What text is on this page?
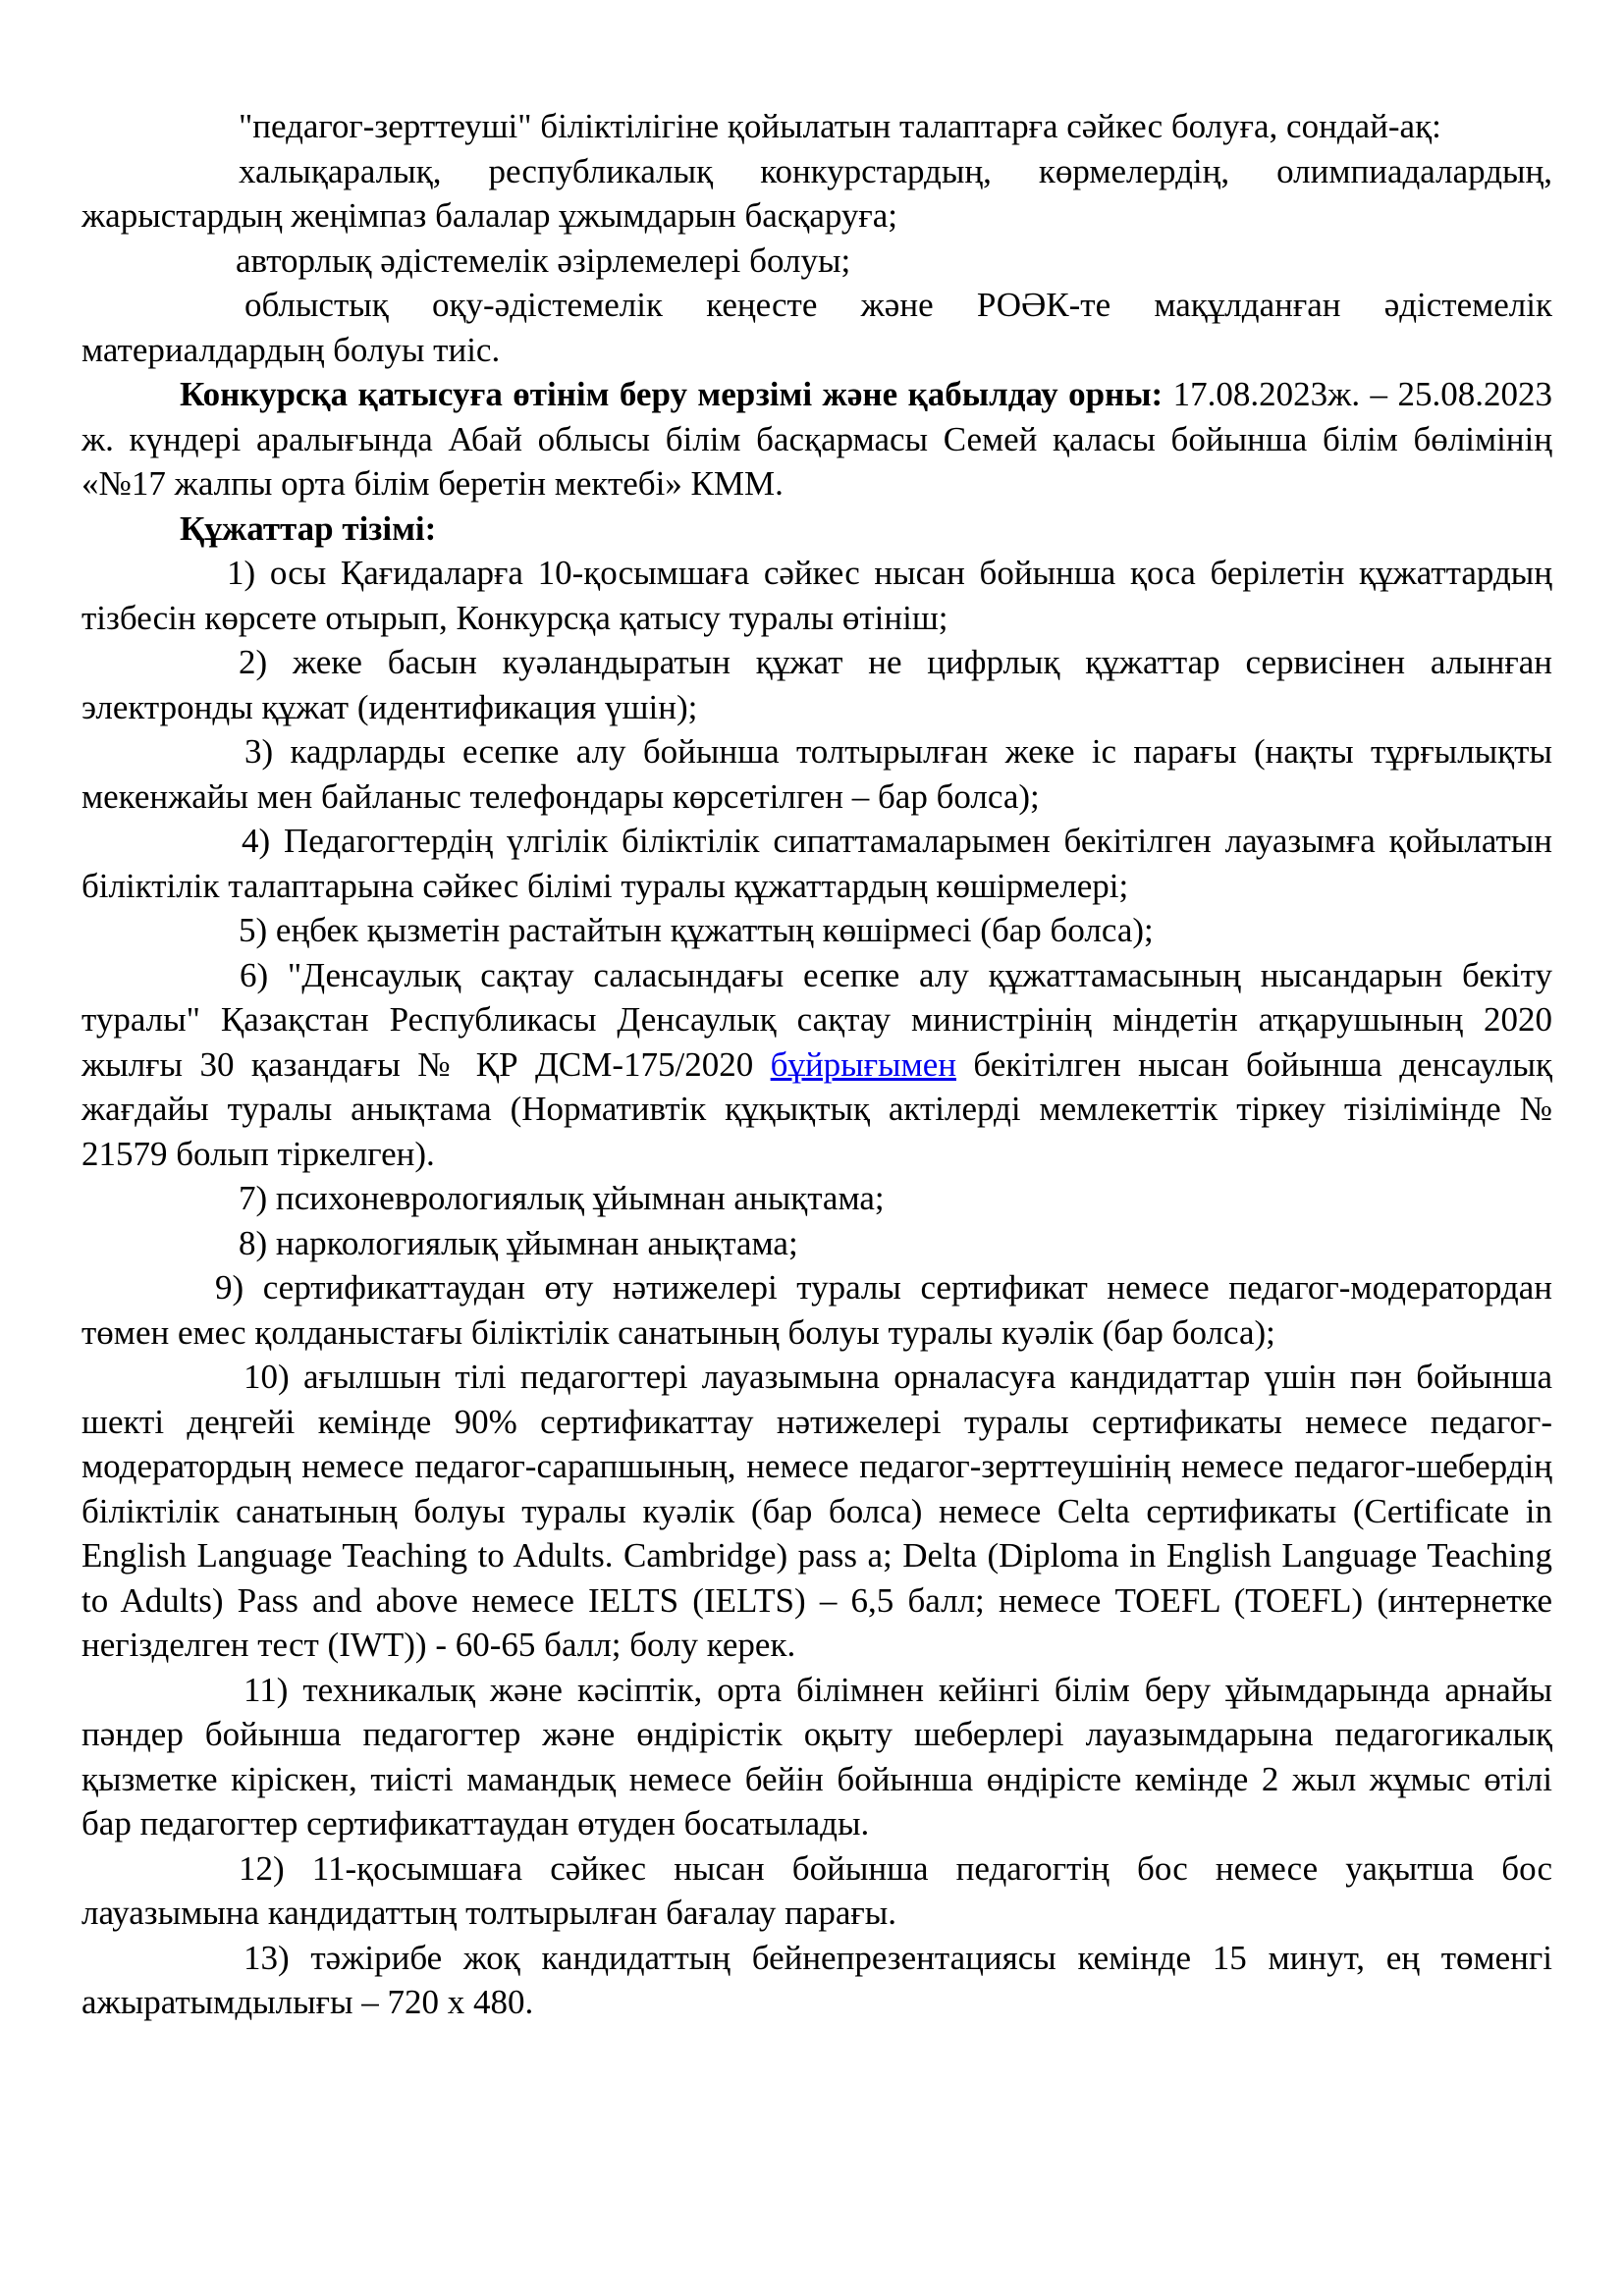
"педагог-зерттеуші" біліктілігіне қойылатын талаптарға сәйкес болуға, сондай-ақ:

халықаралық, республикалық конкурстардың, көрмелердің, олимпиадалардың, жарыстардың жеңімпаз балалар ұжымдарын басқаруға;

авторлық әдістемелік әзірлемелері болуы;

облыстық оқу-әдістемелік кеңесте және РОӘК-те мақұлданған әдістемелік материалдардың болуы тиіс.

Конкурсқа қатысуға өтінім беру мерзімі және қабылдау орны: 17.08.2023ж. – 25.08.2023 ж. күндері аралығында Абай облысы білім басқармасы Семей қаласы бойынша білім бөлімінің «№17 жалпы орта білім беретін мектебі» КММ.

Құжаттар тізімі:

1) осы Қағидаларға 10-қосымшаға сәйкес нысан бойынша қоса берілетін құжаттардың тізбесін көрсете отырып, Конкурсқа қатысу туралы өтініш;

2) жеке басын куәландыратын құжат не цифрлық құжаттар сервисінен алынған электронды құжат (идентификация үшін);

3) кадрларды есепке алу бойынша толтырылған жеке іс парағы (нақты тұрғылықты мекенжайы мен байланыс телефондары көрсетілген – бар болса);

4) Педагогтердің үлгілік біліктілік сипаттамаларымен бекітілген лауазымға қойылатын біліктілік талаптарына сәйкес білімі туралы құжаттардың көшірмелері;

5) еңбек қызметін растайтын құжаттың көшірмесі (бар болса);

6) "Денсаулық сақтау саласындағы есепке алу құжаттамасының нысандарын бекіту туралы" Қазақстан Республикасы Денсаулық сақтау министрінің міндетін атқарушының 2020 жылғы 30 қазандағы № ҚР ДСМ-175/2020 бұйрығымен бекітілген нысан бойынша денсаулық жағдайы туралы анықтама (Нормативтік құқықтық актілерді мемлекеттік тіркеу тізілімінде № 21579 болып тіркелген).

7) психоневрологиялық ұйымнан анықтама;

8) наркологиялық ұйымнан анықтама;

9) сертификаттаудан өту нәтижелері туралы сертификат немесе педагог-модератордан төмен емес қолданыстағы біліктілік санатының болуы туралы куәлік (бар болса);

10) ағылшын тілі педагогтері лауазымына орналасуға кандидаттар үшін пән бойынша шекті деңгейі кемінде 90% сертификаттау нәтижелері туралы сертификаты немесе педагог-модератордың немесе педагог-сарапшының, немесе педагог-зерттеушінің немесе педагог-шебердің біліктілік санатының болуы туралы куәлік (бар болса) немесе Celta сертификаты (Certificate in English Language Teaching to Adults. Cambridge) pass a; Delta (Diploma in English Language Teaching to Adults) Pass and above немесе IELTS (IELTS) – 6,5 балл; немесе TOEFL (TOEFL) (интернетке негізделген тест (IWT)) - 60-65 балл; болу керек.

11) техникалық және кәсіптік, орта білімнен кейінгі білім беру ұйымдарында арнайы пәндер бойынша педагогтер және өндірістік оқыту шеберлері лауазымдарына педагогикалық қызметке кіріскен, тиісті мамандық немесе бейін бойынша өндірісте кемінде 2 жыл жұмыс өтілі бар педагогтер сертификаттаудан өтуден босатылады.

12) 11-қосымшаға сәйкес нысан бойынша педагогтің бос немесе уақытша бос лауазымына кандидаттың толтырылған бағалау парағы.

13) тәжірибе жоқ кандидаттың бейнепрезентациясы кемінде 15 минут, ең төменгі ажыратымдылығы – 720 x 480.
